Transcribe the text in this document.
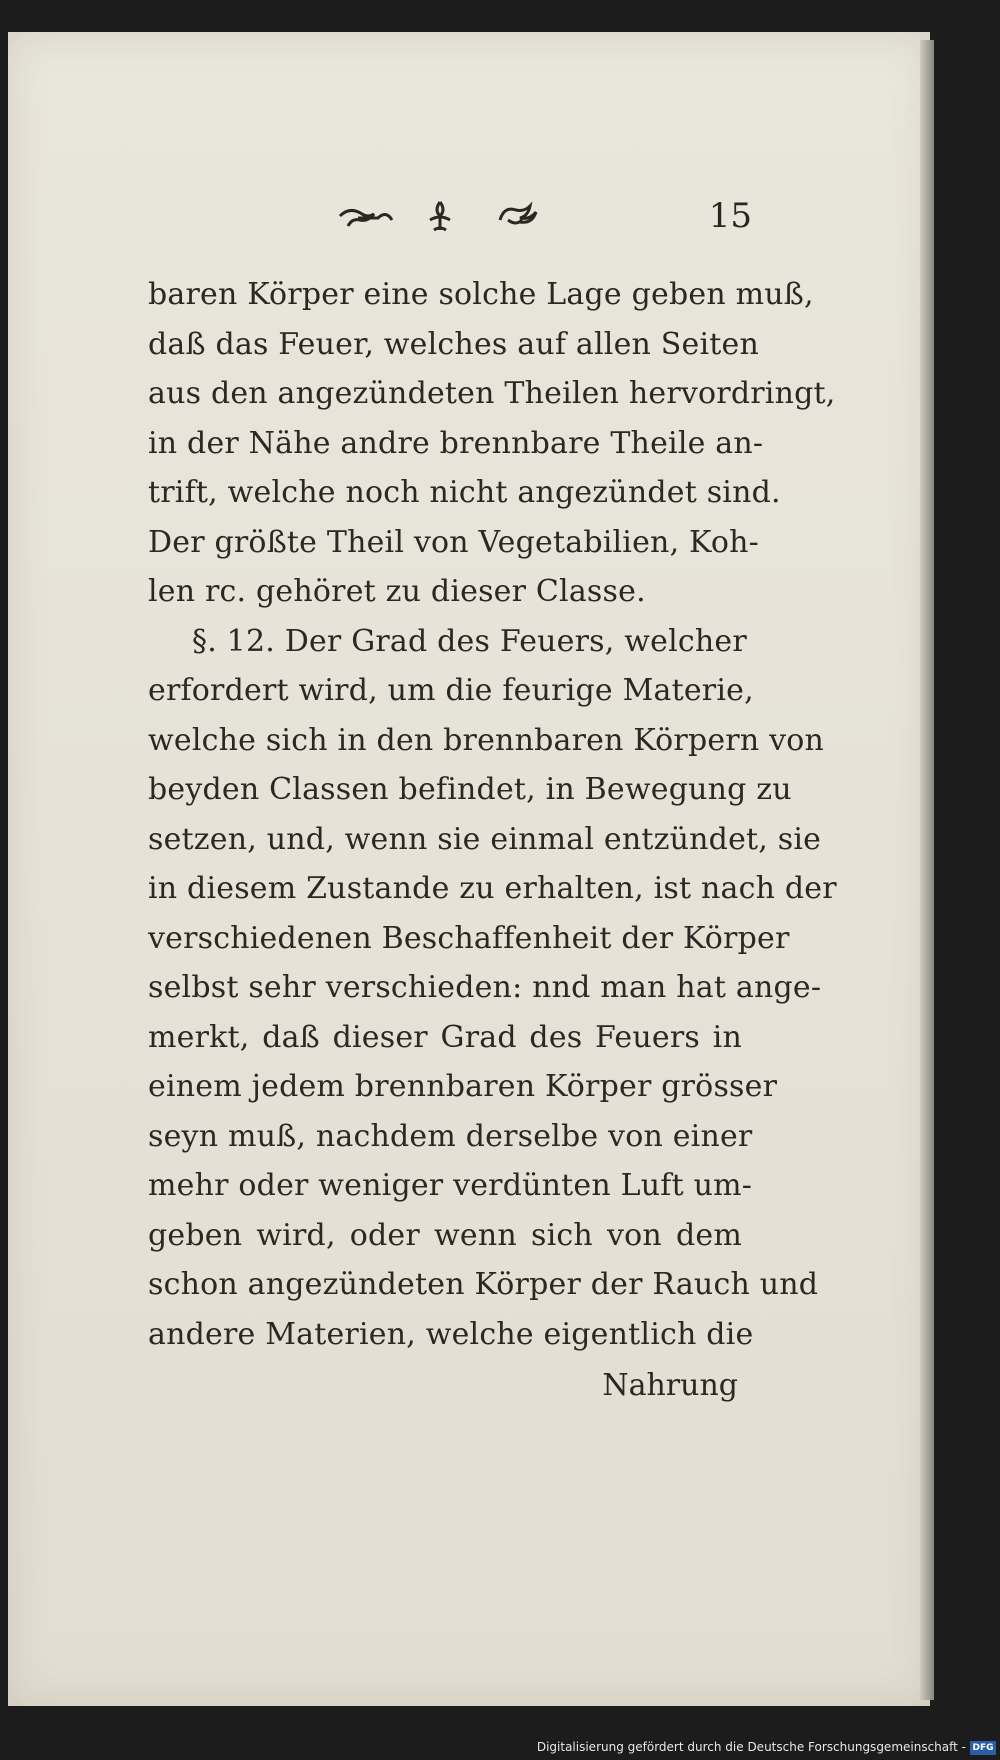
15
baren Körper eine solche Lage geben muß,
daß das Feuer, welches auf allen Seiten
aus den angezündeten Theilen hervordringt,
in der Nähe andre brennbare Theile an-
trift, welche noch nicht angezündet sind.
Der größte Theil von Vegetabilien, Koh-
len rc. gehöret zu dieser Classe.
§. 12. Der Grad des Feuers, welcher
erfordert wird, um die feurige Materie,
welche sich in den brennbaren Körpern von
beyden Classen befindet, in Bewegung zu
setzen, und, wenn sie einmal entzündet, sie
in diesem Zustande zu erhalten, ist nach der
verschiedenen Beschaffenheit der Körper
selbst sehr verschieden: nnd man hat ange-
merkt, daß dieser Grad des Feuers in
einem jedem brennbaren Körper grösser
seyn muß, nachdem derselbe von einer
mehr oder weniger verdünten Luft um-
geben wird, oder wenn sich von dem
schon angezündeten Körper der Rauch und
andere Materien, welche eigentlich die
Nahrung
Digitalisierung gefördert durch die Deutsche Forschungsgemeinschaft - DFG
